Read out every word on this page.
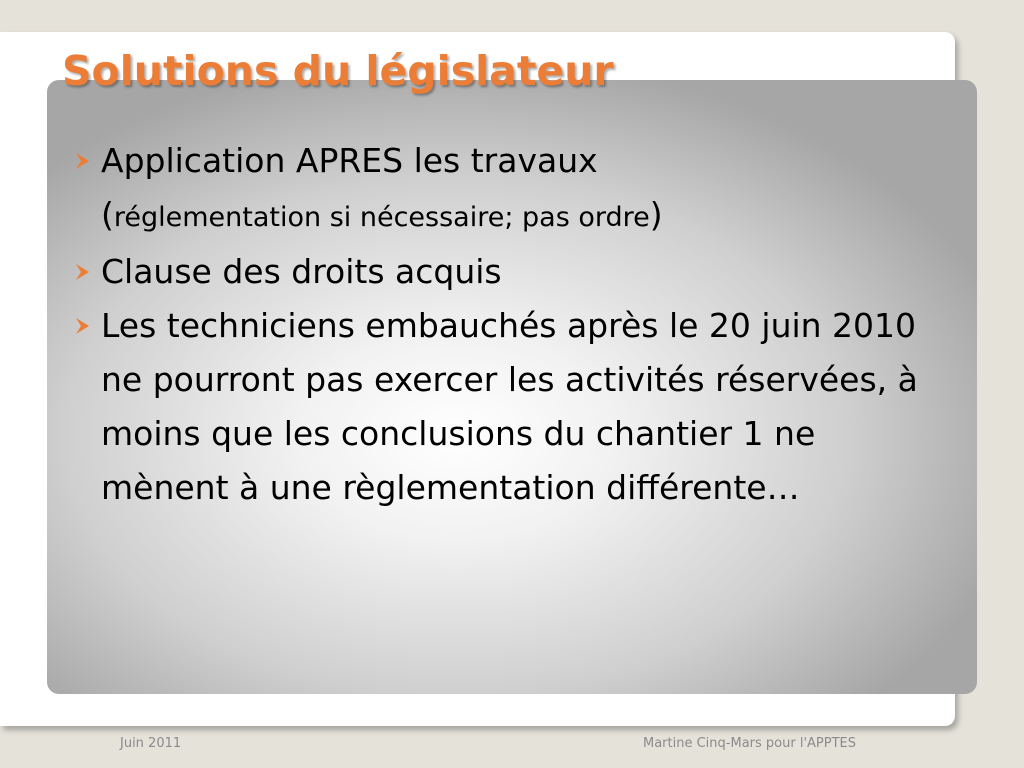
Juin 2011	Martine Cinq-Mars pour l'APPTES
Solutions du législateur
Application APRES les travaux
(réglementation si nécessaire; pas ordre)
Clause des droits acquis
Les techniciens embauchés après le 20 juin 2010 ne pourront pas exercer les activités réservées, à moins que les conclusions du chantier 1 ne mènent à une règlementation différente…
